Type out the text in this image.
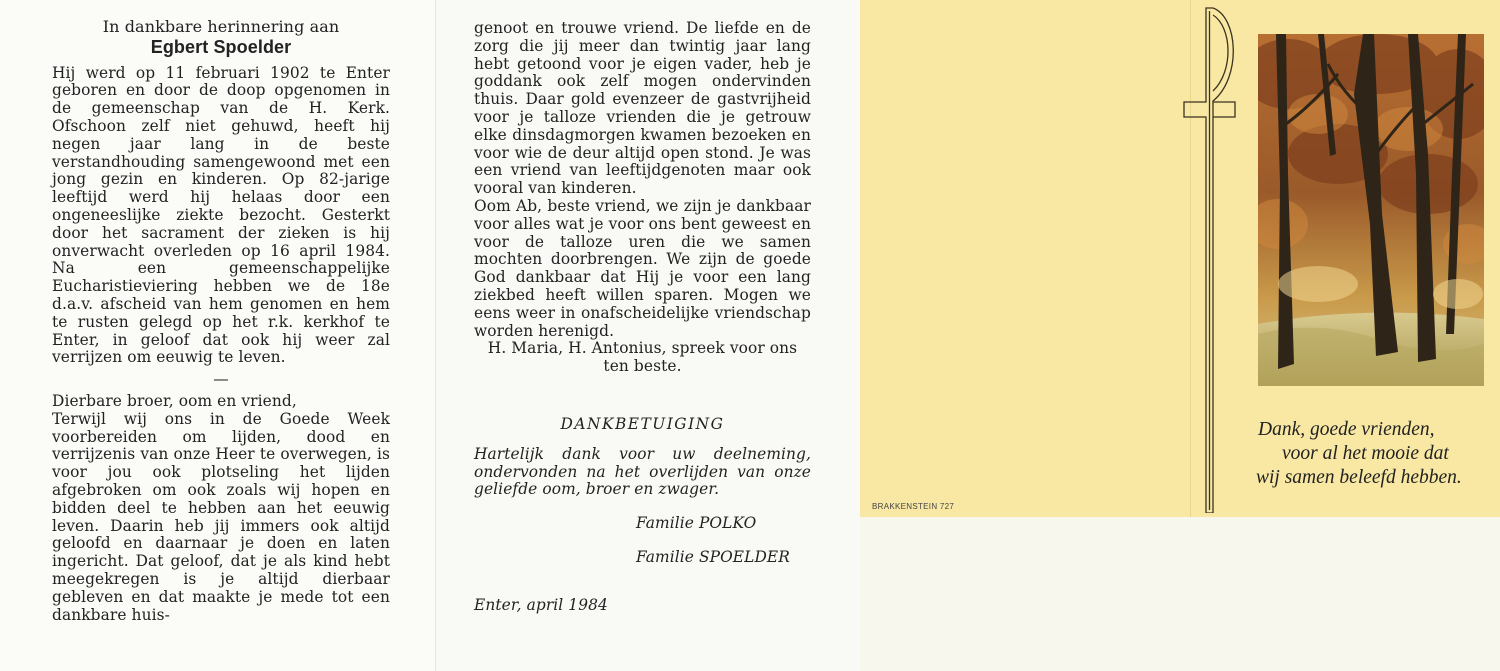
In dankbare herinnering aan

Egbert Spoelder

Hij werd op 11 februari 1902 te Enter geboren en door de doop opgenomen in de gemeenschap van de H. Kerk. Ofschoon zelf niet gehuwd, heeft hij negen jaar lang in de beste verstandhouding samengewoond met een jong gezin en kinderen. Op 82-jarige leeftijd werd hij helaas door een ongeneeslijke ziekte bezocht. Gesterkt door het sacrament der zieken is hij onverwacht overleden op 16 april 1984. Na een gemeenschappelijke Eucharistieviering hebben we de 18e d.a.v. afscheid van hem genomen en hem te rusten gelegd op het r.k. kerkhof te Enter, in geloof dat ook hij weer zal verrijzen om eeuwig te leven.

—

Dierbare broer, oom en vriend,

Terwijl wij ons in de Goede Week voorbereiden om lijden, dood en verrijzenis van onze Heer te overwegen, is voor jou ook plotseling het lijden afgebroken om ook zoals wij hopen en bidden deel te hebben aan het eeuwig leven. Daarin heb jij immers ook altijd geloofd en daarnaar je doen en laten ingericht. Dat geloof, dat je als kind hebt meegekregen is je altijd dierbaar gebleven en dat maakte je mede tot een dankbare huis-

genoot en trouwe vriend. De liefde en de zorg die jij meer dan twintig jaar lang hebt getoond voor je eigen vader, heb je goddank ook zelf mogen ondervinden thuis. Daar gold evenzeer de gastvrijheid voor je talloze vrienden die je getrouw elke dinsdagmorgen kwamen bezoeken en voor wie de deur altijd open stond. Je was een vriend van leeftijdgenoten maar ook vooral van kinderen.

Oom Ab, beste vriend, we zijn je dankbaar voor alles wat je voor ons bent geweest en voor de talloze uren die we samen mochten doorbrengen. We zijn de goede God dankbaar dat Hij je voor een lang ziekbed heeft willen sparen. Mogen we eens weer in onafscheidelijke vriendschap worden herenigd.

H. Maria, H. Antonius, spreek voor ons ten beste.

DANKBETUIGING

Hartelijk dank voor uw deelneming, ondervonden na het overlijden van onze geliefde oom, broer en zwager.

Familie POLKO

Familie SPOELDER

Enter, april 1984

BRAKKENSTEIN 727
Dank, goede vrienden,
voor al het mooie dat
wij samen beleefd hebben.
